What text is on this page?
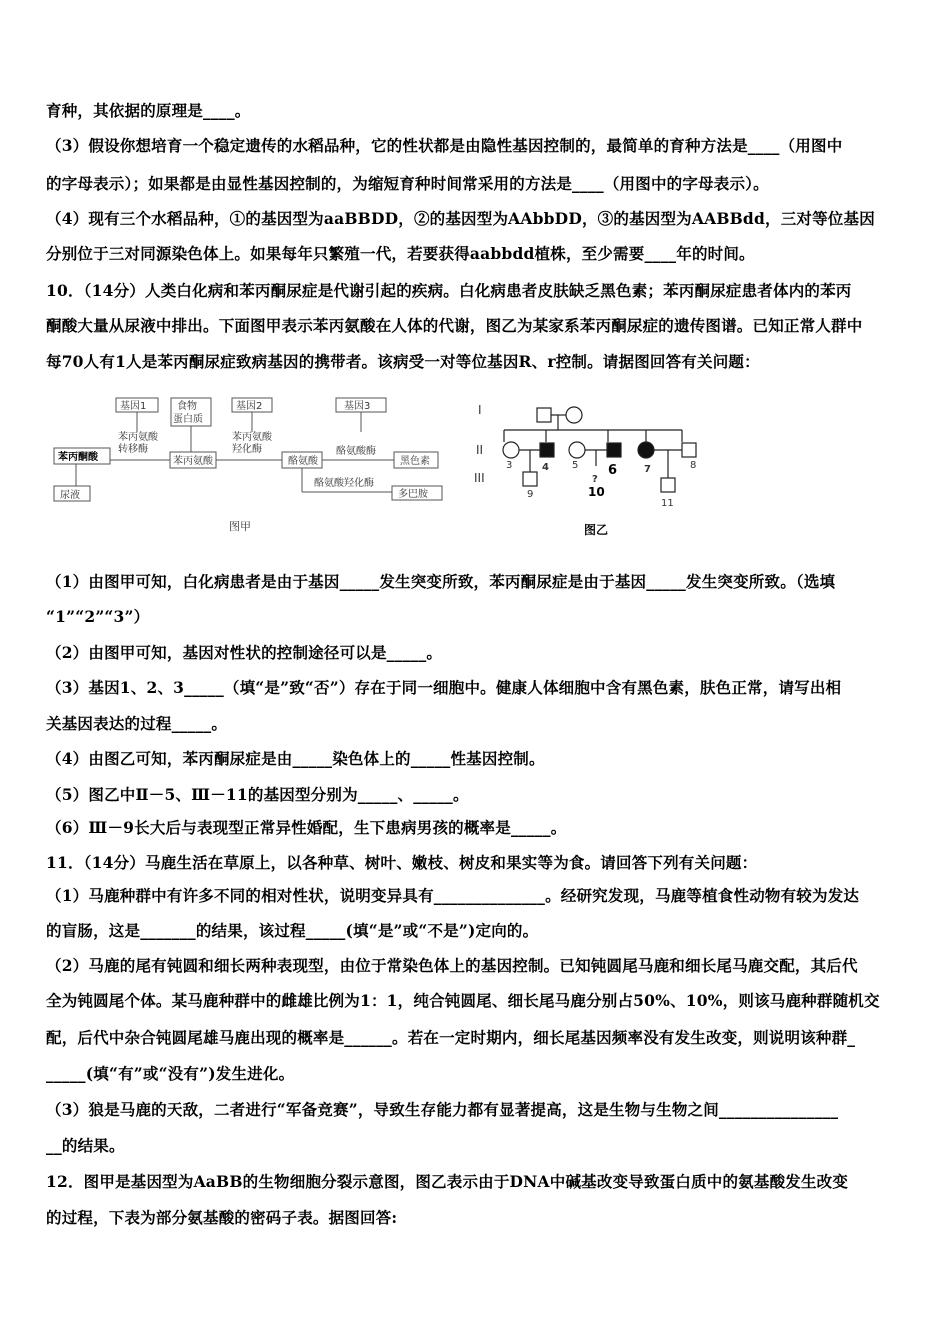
育种，其依据的原理是____。
（3）假设你想培育一个稳定遗传的水稻品种，它的性状都是由隐性基因控制的，最简单的育种方法是____（用图中
的字母表示）；如果都是由显性基因控制的，为缩短育种时间常采用的方法是____（用图中的字母表示）。
（4）现有三个水稻品种，①的基因型为aaBBDD，②的基因型为AAbbDD，③的基因型为AABBdd，三对等位基因
分别位于三对同源染色体上。如果每年只繁殖一代，若要获得aabbdd植株，至少需要____年的时间。
10．（14分）人类白化病和苯丙酮尿症是代谢引起的疾病。白化病患者皮肤缺乏黑色素；苯丙酮尿症患者体内的苯丙
酮酸大量从尿液中排出。下面图甲表示苯丙氨酸在人体的代谢，图乙为某家系苯丙酮尿症的遗传图谱。已知正常人群中
每70人有1人是苯丙酮尿症致病基因的携带者。该病受一对等位基因R、r控制。请据图回答有关问题：
基因1	食物
蛋白质
基因2	基因3
苯丙氨酸
转移酶
苯丙氨酸
羟化酶
苯丙酮酸	苯丙氨酸	酪氨酸
酪氨酸酶
黑色素
酪氨酸羟化酶
多巴胺
尿液
图甲
I
II
III
3	4 5 6	7	8
9
?
10
11
图乙
（1）由图甲可知，白化病患者是由于基因_____发生突变所致，苯丙酮尿症是由于基因_____发生突变所致。（选填
“1”“2”“3”）
（2）由图甲可知，基因对性状的控制途径可以是_____。
（3）基因1、2、3_____（填“是”致“否”）存在于同一细胞中。健康人体细胞中含有黑色素，肤色正常，请写出相
关基因表达的过程_____。
（4）由图乙可知，苯丙酮尿症是由_____染色体上的_____性基因控制。
（5）图乙中Ⅱ－5、Ⅲ－11的基因型分别为_____、_____。
（6）Ⅲ－9长大后与表现型正常异性婚配，生下患病男孩的概率是_____。
11．（14分）马鹿生活在草原上，以各种草、树叶、嫩枝、树皮和果实等为食。请回答下列有关问题：
（1）马鹿种群中有许多不同的相对性状，说明变异具有______________。经研究发现，马鹿等植食性动物有较为发达
的盲肠，这是_______的结果，该过程_____(填“是”或“不是”)定向的。
（2）马鹿的尾有钝圆和细长两种表现型，由位于常染色体上的基因控制。已知钝圆尾马鹿和细长尾马鹿交配，其后代
全为钝圆尾个体。某马鹿种群中的雌雄比例为1：1，纯合钝圆尾、细长尾马鹿分别占50%、10%，则该马鹿种群随机交
配，后代中杂合钝圆尾雄马鹿出现的概率是______。若在一定时期内，细长尾基因频率没有发生改变，则说明该种群_
_____(填“有”或“没有”)发生进化。
（3）狼是马鹿的天敌，二者进行“军备竞赛”，导致生存能力都有显著提高，这是生物与生物之间_______________
__的结果。
12．图甲是基因型为AaBB的生物细胞分裂示意图，图乙表示由于DNA中碱基改变导致蛋白质中的氨基酸发生改变
的过程，下表为部分氨基酸的密码子表。据图回答:
